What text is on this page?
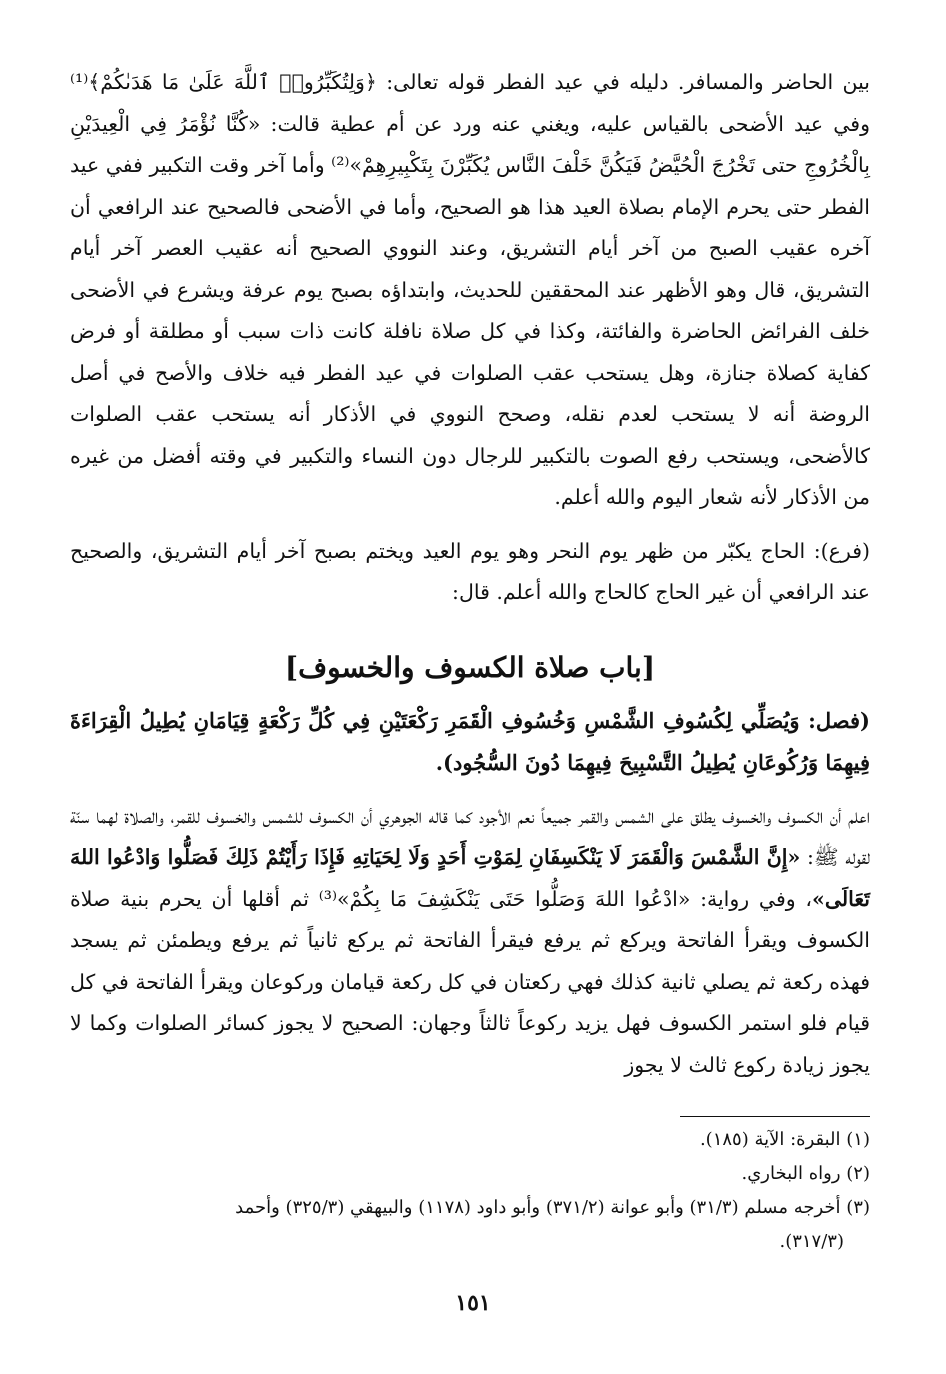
بين الحاضر والمسافر. دليله في عيد الفطر قوله تعالى: ﴿وَلِتُكَبِّرُوا۟ ٱللَّهَ عَلَىٰ مَا هَدَىٰكُمْ﴾⁽¹⁾ وفي عيد الأضحى بالقياس عليه، ويغني عنه ورد عن أم عطية قالت: «كُنَّا نُؤْمَرُ فِي الْعِيدَيْنِ بِالْخُرُوجِ حتى تَخْرُجَ الْحُيَّضُ فَيَكُنَّ خَلْفَ النَّاس يُكَبِّرْنَ بِتَكْبِيرِهِمْ»⁽²⁾ وأما آخر وقت التكبير ففي عيد الفطر حتى يحرم الإمام بصلاة العيد هذا هو الصحيح، وأما في الأضحى فالصحيح عند الرافعي أن آخره عقيب الصبح من آخر أيام التشريق، وعند النووي الصحيح أنه عقيب العصر آخر أيام التشريق، قال وهو الأظهر عند المحققين للحديث، وابتداؤه بصبح يوم عرفة ويشرع في الأضحى خلف الفرائض الحاضرة والفائتة، وكذا في كل صلاة نافلة كانت ذات سبب أو مطلقة أو فرض كفاية كصلاة جنازة، وهل يستحب عقب الصلوات في عيد الفطر فيه خلاف والأصح في أصل الروضة أنه لا يستحب لعدم نقله، وصحح النووي في الأذكار أنه يستحب عقب الصلوات كالأضحى، ويستحب رفع الصوت بالتكبير للرجال دون النساء والتكبير في وقته أفضل من غيره من الأذكار لأنه شعار اليوم والله أعلم.

(فرع): الحاج يكبّر من ظهر يوم النحر وهو يوم العيد ويختم بصبح آخر أيام التشريق، والصحيح عند الرافعي أن غير الحاج كالحاج والله أعلم. قال:

[باب صلاة الكسوف والخسوف]

(فصل: وَيُصَلِّي لِكُسُوفِ الشَّمْسِ وَخُسُوفِ الْقَمَرِ رَكْعَتَيْنِ فِي كُلِّ رَكْعَةٍ قِيَامَانِ يُطِيلُ الْقِرَاءَةَ فِيهِمَا وَرُكُوعَانِ يُطِيلُ التَّسْبِيحَ فِيهِمَا دُونَ السُّجُود).

اعلم أن الكسوف والخسوف يطلق على الشمس والقمر جميعاً نعم الأجود كما قاله الجوهري أن الكسوف للشمس والخسوف للقمر، والصلاة لهما سنّة لقوله ﷺ: «إِنَّ الشَّمْسَ وَالْقَمَرَ لَا يَنْكَسِفَانِ لِمَوْتِ أَحَدٍ وَلَا لِحَيَاتِهِ فَإِذَا رَأَيْتُمْ ذَلِكَ فَصَلُّوا وَادْعُوا اللهَ تَعَالَى»، وفي رواية: «ادْعُوا اللهَ وَصَلُّوا حَتَى يَنْكَشِفَ مَا بِكُمْ»⁽³⁾ ثم أقلها أن يحرم بنية صلاة الكسوف ويقرأ الفاتحة ويركع ثم يرفع فيقرأ الفاتحة ثم يركع ثانياً ثم يرفع ويطمئن ثم يسجد فهذه ركعة ثم يصلي ثانية كذلك فهي ركعتان في كل ركعة قيامان وركوعان ويقرأ الفاتحة في كل قيام فلو استمر الكسوف فهل يزيد ركوعاً ثالثاً وجهان: الصحيح لا يجوز كسائر الصلوات وكما لا يجوز زيادة ركوع ثالث لا يجوز

(١) البقرة: الآية (١٨٥).

(٢) رواه البخاري.

(٣) أخرجه مسلم (٣١/٣) وأبو عوانة (٣٧١/٢) وأبو داود (١١٧٨) والبيهقي (٣٢٥/٣) وأحمد

(٣١٧/٣).

١٥١
